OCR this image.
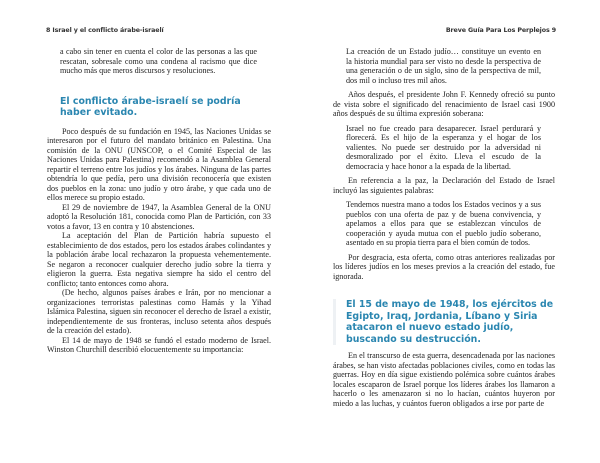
8 Israel y el conflicto árabe-israelí

a cabo sin tener en cuenta el color de las personas a las que rescatan, sobresale como una condena al racismo que dice mucho más que meros discursos y resoluciones.

El conflicto árabe-israelí se podría haber evitado.

Poco después de su fundación en 1945, las Naciones Unidas se interesaron por el futuro del mandato británico en Palestina. Una comisión de la ONU (UNSCOP, o el Comité Especial de las Naciones Unidas para Palestina) recomendó a la Asamblea General repartir el terreno entre los judíos y los árabes. Ninguna de las partes obtendría lo que pedía, pero una división reconocería que existen dos pueblos en la zona: uno judío y otro árabe, y que cada uno de ellos merece su propio estado.

El 29 de noviembre de 1947, la Asamblea General de la ONU adoptó la Resolución 181, conocida como Plan de Partición, con 33 votos a favor, 13 en contra y 10 abstenciones.

La aceptación del Plan de Partición habría supuesto el establecimiento de dos estados, pero los estados árabes colindantes y la población árabe local rechazaron la propuesta vehementemente. Se negaron a reconocer cualquier derecho judío sobre la tierra y eligieron la guerra. Esta negativa siempre ha sido el centro del conflicto; tanto entonces como ahora.

(De hecho, algunos países árabes e Irán, por no mencionar a organizaciones terroristas palestinas como Hamás y la Yihad Islámica Palestina, siguen sin reconocer el derecho de Israel a existir, independientemente de sus fronteras, incluso setenta años después de la creación del estado).

El 14 de mayo de 1948 se fundó el estado moderno de Israel. Winston Churchill describió elocuentemente su importancia:

Breve Guía Para Los Perplejos 9

La creación de un Estado judío… constituye un evento en la historia mundial para ser visto no desde la perspectiva de una generación o de un siglo, sino de la perspectiva de mil, dos mil o incluso tres mil años.

Años después, el presidente John F. Kennedy ofreció su punto de vista sobre el significado del renacimiento de Israel casi 1900 años después de su última expresión soberana:

Israel no fue creado para desaparecer. Israel perdurará y florecerá. Es el hijo de la esperanza y el hogar de los valientes. No puede ser destruido por la adversidad ni desmoralizado por el éxito. Lleva el escudo de la democracia y hace honor a la espada de la libertad.

En referencia a la paz, la Declaración del Estado de Israel incluyó las siguientes palabras:

Tendemos nuestra mano a todos los Estados vecinos y a sus pueblos con una oferta de paz y de buena convivencia, y apelamos a ellos para que se establezcan vínculos de cooperación y ayuda mutua con el pueblo judío soberano, asentado en su propia tierra para el bien común de todos.

Por desgracia, esta oferta, como otras anteriores realizadas por los líderes judíos en los meses previos a la creación del estado, fue ignorada.

El 15 de mayo de 1948, los ejércitos de Egipto, Iraq, Jordania, Líbano y Siria atacaron el nuevo estado judío, buscando su destrucción.

En el transcurso de esta guerra, desencadenada por las naciones árabes, se han visto afectadas poblaciones civiles, como en todas las guerras. Hoy en día sigue existiendo polémica sobre cuántos árabes locales escaparon de Israel porque los líderes árabes los llamaron a hacerlo o les amenazaron si no lo hacían, cuántos huyeron por miedo a las luchas, y cuántos fueron obligados a irse por parte de
